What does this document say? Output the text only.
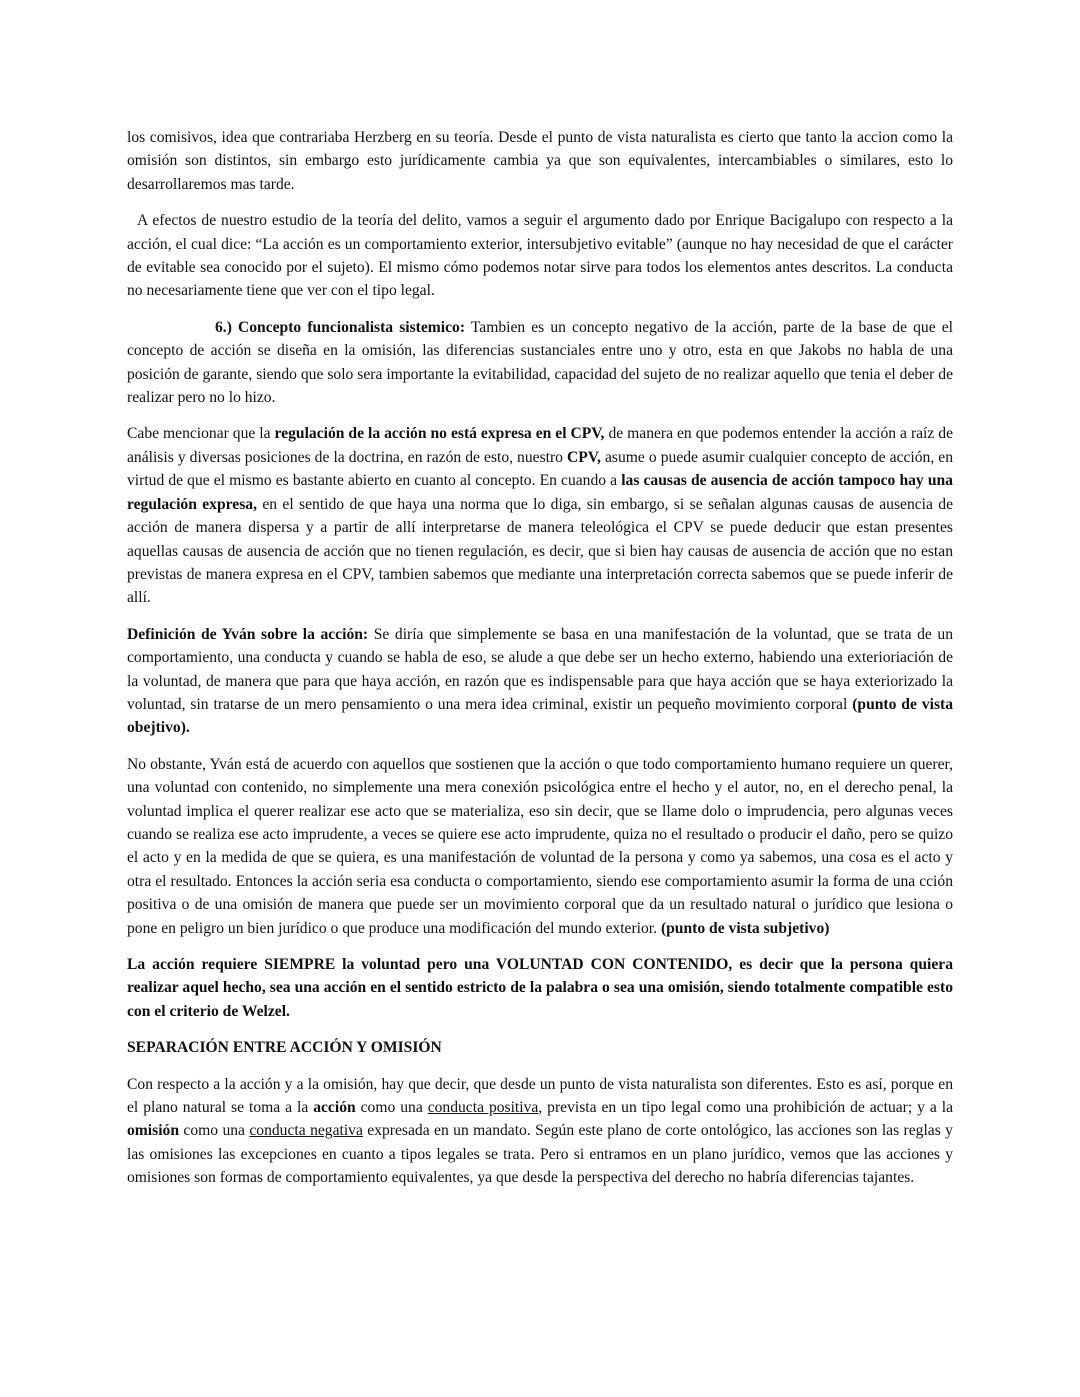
los comisivos, idea que contrariaba Herzberg en su teoría. Desde el punto de vista naturalista es cierto que tanto la accion como la omisión son distintos, sin embargo esto jurídicamente cambia ya que son equivalentes, intercambiables o similares, esto lo desarrollaremos mas tarde.

A efectos de nuestro estudio de la teoría del delito, vamos a seguir el argumento dado por Enrique Bacigalupo con respecto a la acción, el cual dice: “La acción es un comportamiento exterior, intersubjetivo evitable” (aunque no hay necesidad de que el carácter de evitable sea conocido por el sujeto). El mismo cómo podemos notar sirve para todos los elementos antes descritos. La conducta no necesariamente tiene que ver con el tipo legal.

6.) Concepto funcionalista sistemico: Tambien es un concepto negativo de la acción, parte de la base de que el concepto de acción se diseña en la omisión, las diferencias sustanciales entre uno y otro, esta en que Jakobs no habla de una posición de garante, siendo que solo sera importante la evitabilidad, capacidad del sujeto de no realizar aquello que tenia el deber de realizar pero no lo hizo.

Cabe mencionar que la regulación de la acción no está expresa en el CPV, de manera en que podemos entender la acción a raíz de análisis y diversas posiciones de la doctrina, en razón de esto, nuestro CPV, asume o puede asumir cualquier concepto de acción, en virtud de que el mismo es bastante abierto en cuanto al concepto. En cuando a las causas de ausencia de acción tampoco hay una regulación expresa, en el sentido de que haya una norma que lo diga, sin embargo, si se señalan algunas causas de ausencia de acción de manera dispersa y a partir de allí interpretarse de manera teleológica el CPV se puede deducir que estan presentes aquellas causas de ausencia de acción que no tienen regulación, es decir, que si bien hay causas de ausencia de acción que no estan previstas de manera expresa en el CPV, tambien sabemos que mediante una interpretación correcta sabemos que se puede inferir de allí.

Definición de Yván sobre la acción: Se diría que simplemente se basa en una manifestación de la voluntad, que se trata de un comportamiento, una conducta y cuando se habla de eso, se alude a que debe ser un hecho externo, habiendo una exterioriación de la voluntad, de manera que para que haya acción, en razón que es indispensable para que haya acción que se haya exteriorizado la voluntad, sin tratarse de un mero pensamiento o una mera idea criminal, existir un pequeño movimiento corporal (punto de vista obejtivo).

No obstante, Yván está de acuerdo con aquellos que sostienen que la acción o que todo comportamiento humano requiere un querer, una voluntad con contenido, no simplemente una mera conexión psicológica entre el hecho y el autor, no, en el derecho penal, la voluntad implica el querer realizar ese acto que se materializa, eso sin decir, que se llame dolo o imprudencia, pero algunas veces cuando se realiza ese acto imprudente, a veces se quiere ese acto imprudente, quiza no el resultado o producir el daño, pero se quizo el acto y en la medida de que se quiera, es una manifestación de voluntad de la persona y como ya sabemos, una cosa es el acto y otra el resultado. Entonces la acción seria esa conducta o comportamiento, siendo ese comportamiento asumir la forma de una cción positiva o de una omisión de manera que puede ser un movimiento corporal que da un resultado natural o jurídico que lesiona o pone en peligro un bien jurídico o que produce una modificación del mundo exterior. (punto de vista subjetivo)

La acción requiere SIEMPRE la voluntad pero una VOLUNTAD CON CONTENIDO, es decir que la persona quiera realizar aquel hecho, sea una acción en el sentido estricto de la palabra o sea una omisión, siendo totalmente compatible esto con el criterio de Welzel.

SEPARACIÓN ENTRE ACCIÓN Y OMISIÓN

Con respecto a la acción y a la omisión, hay que decir, que desde un punto de vista naturalista son diferentes. Esto es así, porque en el plano natural se toma a la acción como una conducta positiva, prevista en un tipo legal como una prohibición de actuar; y a la omisión como una conducta negativa expresada en un mandato. Según este plano de corte ontológico, las acciones son las reglas y las omisiones las excepciones en cuanto a tipos legales se trata. Pero si entramos en un plano jurídico, vemos que las acciones y omisiones son formas de comportamiento equivalentes, ya que desde la perspectiva del derecho no habría diferencias tajantes.
